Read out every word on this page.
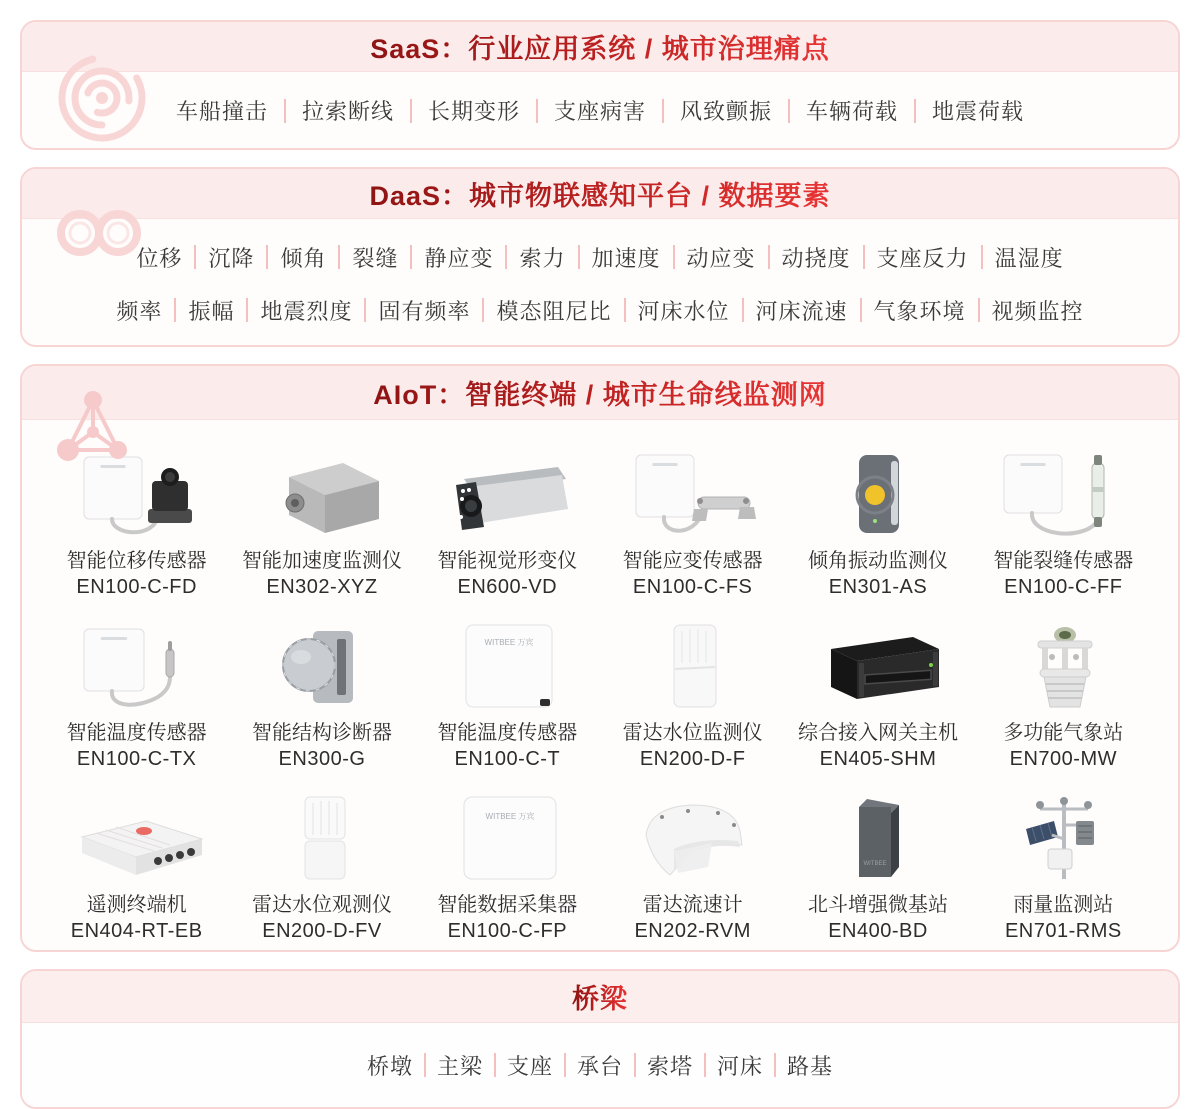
SaaS：行业应用系统 / 城市治理痛点
车船撞击 拉索断线 长期变形 支座病害 风致颤振 车辆荷载 地震荷载
DaaS：城市物联感知平台 / 数据要素
位移 沉降 倾角 裂缝 静应变 索力 加速度 动应变 动挠度 支座反力 温湿度
频率 振幅 地震烈度 固有频率 模态阻尼比 河床水位 河床流速 气象环境 视频监控
AIoT：智能终端 / 城市生命线监测网
智能位移传感器
EN100-C-FD
智能加速度监测仪
EN302-XYZ
智能视觉形变仪
EN600-VD
智能应变传感器
EN100-C-FS
倾角振动监测仪
EN301-AS
智能裂缝传感器
EN100-C-FF
智能温度传感器
EN100-C-TX
智能结构诊断器
EN300-G
WITBEE 万宾
智能温度传感器
EN100-C-T
雷达水位监测仪
EN200-D-F
综合接入网关主机
EN405-SHM
多功能气象站
EN700-MW
遥测终端机
EN404-RT-EB
雷达水位观测仪
EN200-D-FV
WITBEE 万宾
智能数据采集器
EN100-C-FP
雷达流速计
EN202-RVM
WITBEE
北斗增强微基站
EN400-BD
雨量监测站
EN701-RMS
桥梁
桥墩 主梁 支座 承台 索塔 河床 路基
